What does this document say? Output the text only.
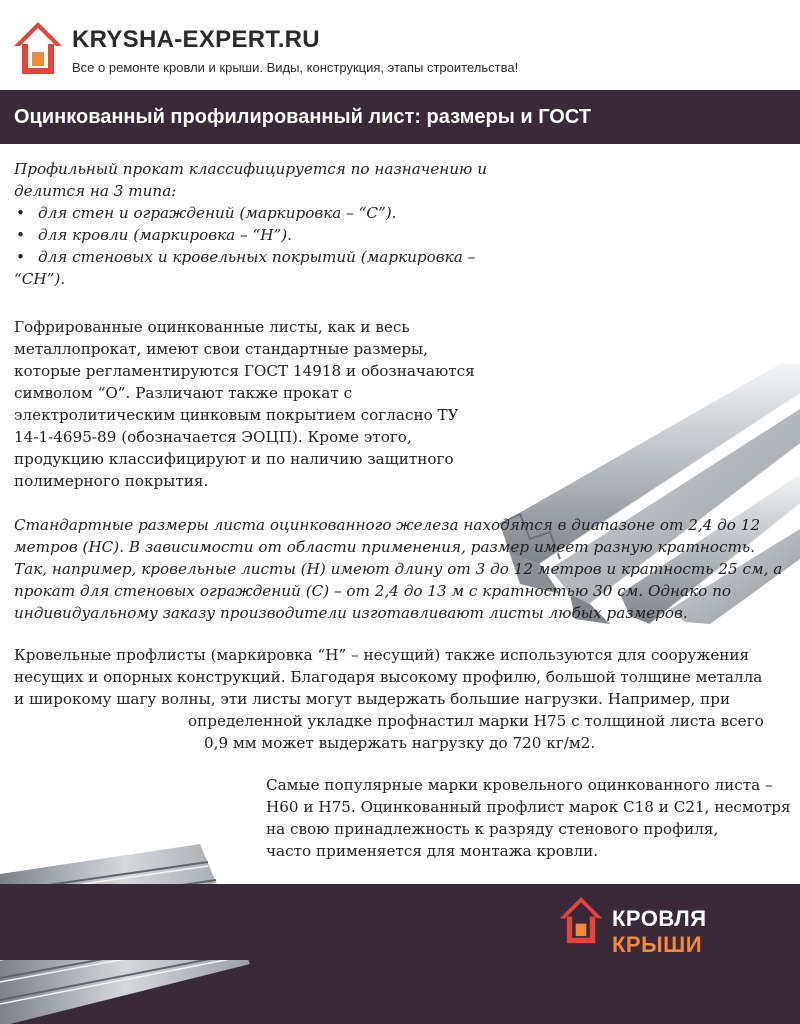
KRYSHA-EXPERT.RU
Все о ремонте кровли и крыши. Виды, конструкция, этапы строительства!
Оцинкованный профилированный лист: размеры и ГОСТ
Профильный прокат классифицируется по назначению и
делится на 3 типа:
• для стен и ограждений (маркировка – “С”).
• для кровли (маркировка – “Н”).
• для стеновых и кровельных покрытий (маркировка –
“СН”).
Гофрированные оцинкованные листы, как и весь
металлопрокат, имеют свои стандартные размеры,
которые регламентируются ГОСТ 14918 и обозначаются
символом “О”. Различают также прокат с
электролитическим цинковым покрытием согласно ТУ
14-1-4695-89 (обозначается ЭОЦП). Кроме этого,
продукцию классифицируют и по наличию защитного
полимерного покрытия.
Стандартные размеры листа оцинкованного железа находятся в диапазоне от 2,4 до 12
метров (НС). В зависимости от области применения, размер имеет разную кратность.
Так, например, кровельные листы (Н) имеют длину от 3 до 12 метров и кратность 25 см, а
прокат для стеновых ограждений (С) – от 2,4 до 13 м с кратностью 30 см. Однако по
индивидуальному заказу производители изготавливают листы любых размеров.
Кровельные профлисты (маркировка “Н” – несущий) также используются для сооружения
несущих и опорных конструкций. Благодаря высокому профилю, большой толщине металла
и широкому шагу волны, эти листы могут выдержать большие нагрузки. Например, при
определенной укладке профнастил марки Н75 с толщиной листа всего
0,9 мм может выдержать нагрузку до 720 кг/м2.
Самые популярные марки кровельного оцинкованного листа –
Н60 и Н75. Оцинкованный профлист марок С18 и С21, несмотря
на свою принадлежность к разряду стенового профиля,
часто применяется для монтажа кровли.
КРОВЛЯ КРЫШИ
